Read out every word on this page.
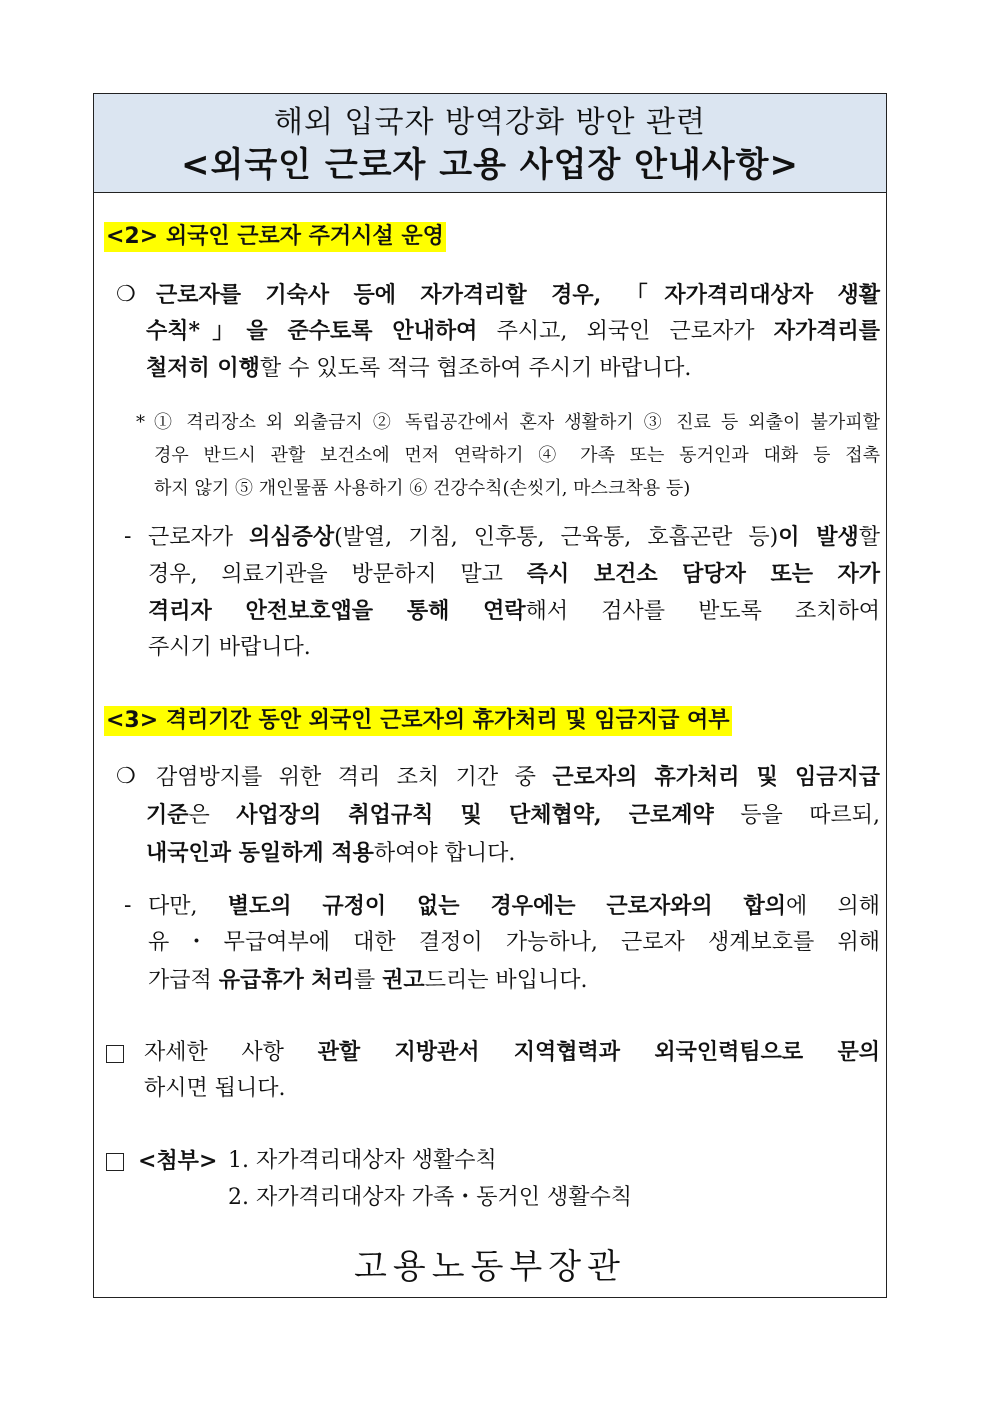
해외 입국자 방역강화 방안 관련
<외국인 근로자 고용 사업장 안내사항>
<2> 외국인 근로자 주거시설 운영
❍ 근로자를 기숙사 등에 자가격리할 경우, 「자가격리대상자 생활
수칙*」을 준수토록 안내하여 주시고, 외국인 근로자가 자가격리를
철저히 이행할 수 있도록 적극 협조하여 주시기 바랍니다.
* ① 격리장소 외 외출금지 ② 독립공간에서 혼자 생활하기 ③ 진료 등 외출이 불가피할
경우 반드시 관할 보건소에 먼저 연락하기 ④ 가족 또는 동거인과 대화 등 접촉
하지 않기 ⑤ 개인물품 사용하기 ⑥ 건강수칙(손씻기, 마스크착용 등)
- 근로자가 의심증상(발열, 기침, 인후통, 근육통, 호흡곤란 등)이 발생할
경우, 의료기관을 방문하지 말고 즉시 보건소 담당자 또는 자가
격리자 안전보호앱을 통해 연락해서 검사를 받도록 조치하여
주시기 바랍니다.
<3> 격리기간 동안 외국인 근로자의 휴가처리 및 임금지급 여부
❍ 감염방지를 위한 격리 조치 기간 중 근로자의 휴가처리 및 임금지급
기준은 사업장의 취업규칙 및 단체협약, 근로계약 등을 따르되,
내국인과 동일하게 적용하여야 합니다.
- 다만, 별도의 규정이 없는 경우에는 근로자와의 합의에 의해
유・무급여부에 대한 결정이 가능하나, 근로자 생계보호를 위해
가급적 유급휴가 처리를 권고드리는 바입니다.
자세한 사항 관할 지방관서 지역협력과 외국인력팀으로 문의
하시면 됩니다.
<첨부> 1. 자가격리대상자 생활수칙
2. 자가격리대상자 가족・동거인 생활수칙
고용노동부장관
